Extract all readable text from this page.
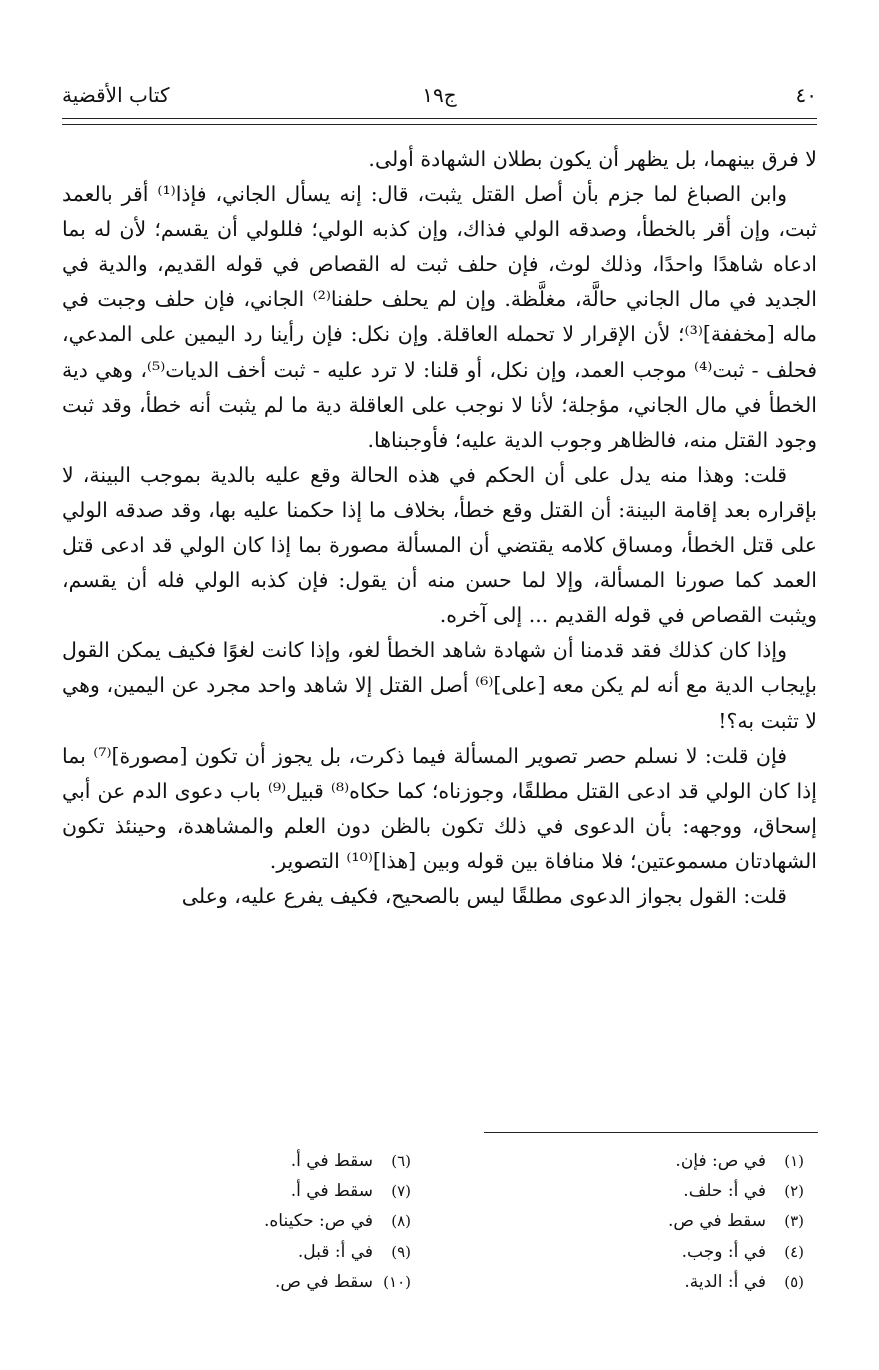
٤٠
ج١٩
كتاب الأقضية

لا فرق بينهما، بل يظهر أن يكون بطلان الشهادة أولى.

وابن الصباغ لما جزم بأن أصل القتل يثبت، قال: إنه يسأل الجاني، فإذا⁽¹⁾ أقر بالعمد ثبت، وإن أقر بالخطأ، وصدقه الولي فذاك، وإن كذبه الولي؛ فللولي أن يقسم؛ لأن له بما ادعاه شاهدًا واحدًا، وذلك لوث، فإن حلف ثبت له القصاص في قوله القديم، والدية في الجديد في مال الجاني حالَّة، مغلَّظة. وإن لم يحلف حلفنا⁽²⁾ الجاني، فإن حلف وجبت في ماله [مخففة]⁽³⁾؛ لأن الإقرار لا تحمله العاقلة. وإن نكل: فإن رأينا رد اليمين على المدعي، فحلف - ثبت⁽⁴⁾ موجب العمد، وإن نكل، أو قلنا: لا ترد عليه - ثبت أخف الديات⁽⁵⁾، وهي دية الخطأ في مال الجاني، مؤجلة؛ لأنا لا نوجب على العاقلة دية ما لم يثبت أنه خطأ، وقد ثبت وجود القتل منه، فالظاهر وجوب الدية عليه؛ فأوجبناها.

قلت: وهذا منه يدل على أن الحكم في هذه الحالة وقع عليه بالدية بموجب البينة، لا بإقراره بعد إقامة البينة: أن القتل وقع خطأ، بخلاف ما إذا حكمنا عليه بها، وقد صدقه الولي على قتل الخطأ، ومساق كلامه يقتضي أن المسألة مصورة بما إذا كان الولي قد ادعى قتل العمد كما صورنا المسألة، وإلا لما حسن منه أن يقول: فإن كذبه الولي فله أن يقسم، ويثبت القصاص في قوله القديم ... إلى آخره.

وإذا كان كذلك فقد قدمنا أن شهادة شاهد الخطأ لغو، وإذا كانت لغوًا فكيف يمكن القول بإيجاب الدية مع أنه لم يكن معه [على]⁽⁶⁾ أصل القتل إلا شاهد واحد مجرد عن اليمين، وهي لا تثبت به؟!

فإن قلت: لا نسلم حصر تصوير المسألة فيما ذكرت، بل يجوز أن تكون [مصورة]⁽⁷⁾ بما إذا كان الولي قد ادعى القتل مطلقًا، وجوزناه؛ كما حكاه⁽⁸⁾ قبيل⁽⁹⁾ باب دعوى الدم عن أبي إسحاق، ووجهه: بأن الدعوى في ذلك تكون بالظن دون العلم والمشاهدة، وحينئذ تكون الشهادتان مسموعتين؛ فلا منافاة بين قوله وبين [هذا]⁽¹⁰⁾ التصوير.

قلت: القول بجواز الدعوى مطلقًا ليس بالصحيح، فكيف يفرع عليه، وعلى

(١)في ص: فإن.
(٢)في أ: حلف.
(٣)سقط في ص.
(٤)في أ: وجب.
(٥)في أ: الدية.
(٦)سقط في أ.
(٧)سقط في أ.
(٨)في ص: حكيناه.
(٩)في أ: قبل.
(١٠)سقط في ص.
